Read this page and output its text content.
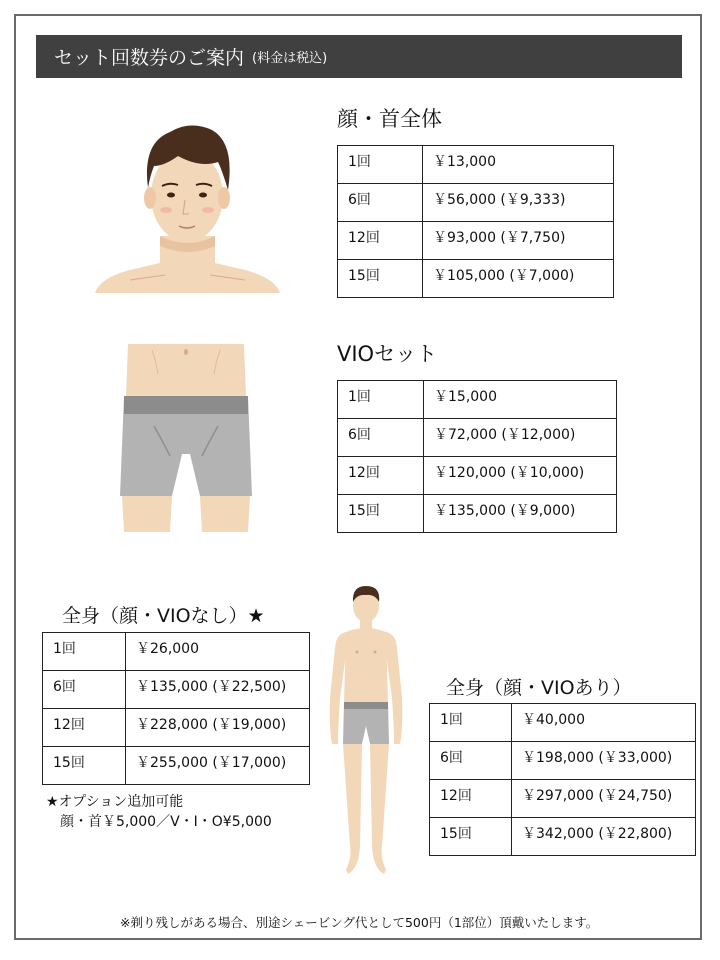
セット回数券のご案内 (料金は税込)
顔・首全体
1回	￥13,000
6回	￥56,000 (￥9,333)
12回	￥93,000 (￥7,750)
15回	￥105,000 (￥7,000)
VIOセット
1回	￥15,000
6回	￥72,000 (￥12,000)
12回	￥120,000 (￥10,000)
15回	￥135,000 (￥9,000)
全身（顔・VIOなし）★
1回	￥26,000
6回	￥135,000 (￥22,500)
12回	￥228,000 (￥19,000)
15回	￥255,000 (￥17,000)
★オプション追加可能
顔・首￥5,000／V・I・O¥5,000
全身（顔・VIOあり）
1回	￥40,000
6回	￥198,000 (￥33,000)
12回	￥297,000 (￥24,750)
15回	￥342,000 (￥22,800)
※剃り残しがある場合、別途シェービング代として500円（1部位）頂戴いたします。
